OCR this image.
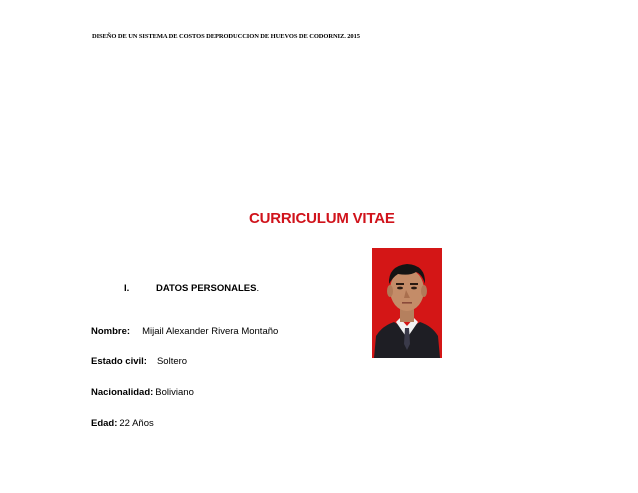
DISEÑO DE UN SISTEMA DE COSTOS DEPRODUCCION DE HUEVOS DE CODORNIZ. 2015
CURRICULUM VITAE
I.	DATOS PERSONALES.
Nombre: Mijail Alexander Rivera Montaño
Estado civil: Soltero
Nacionalidad: Boliviano
Edad: 22 Años
